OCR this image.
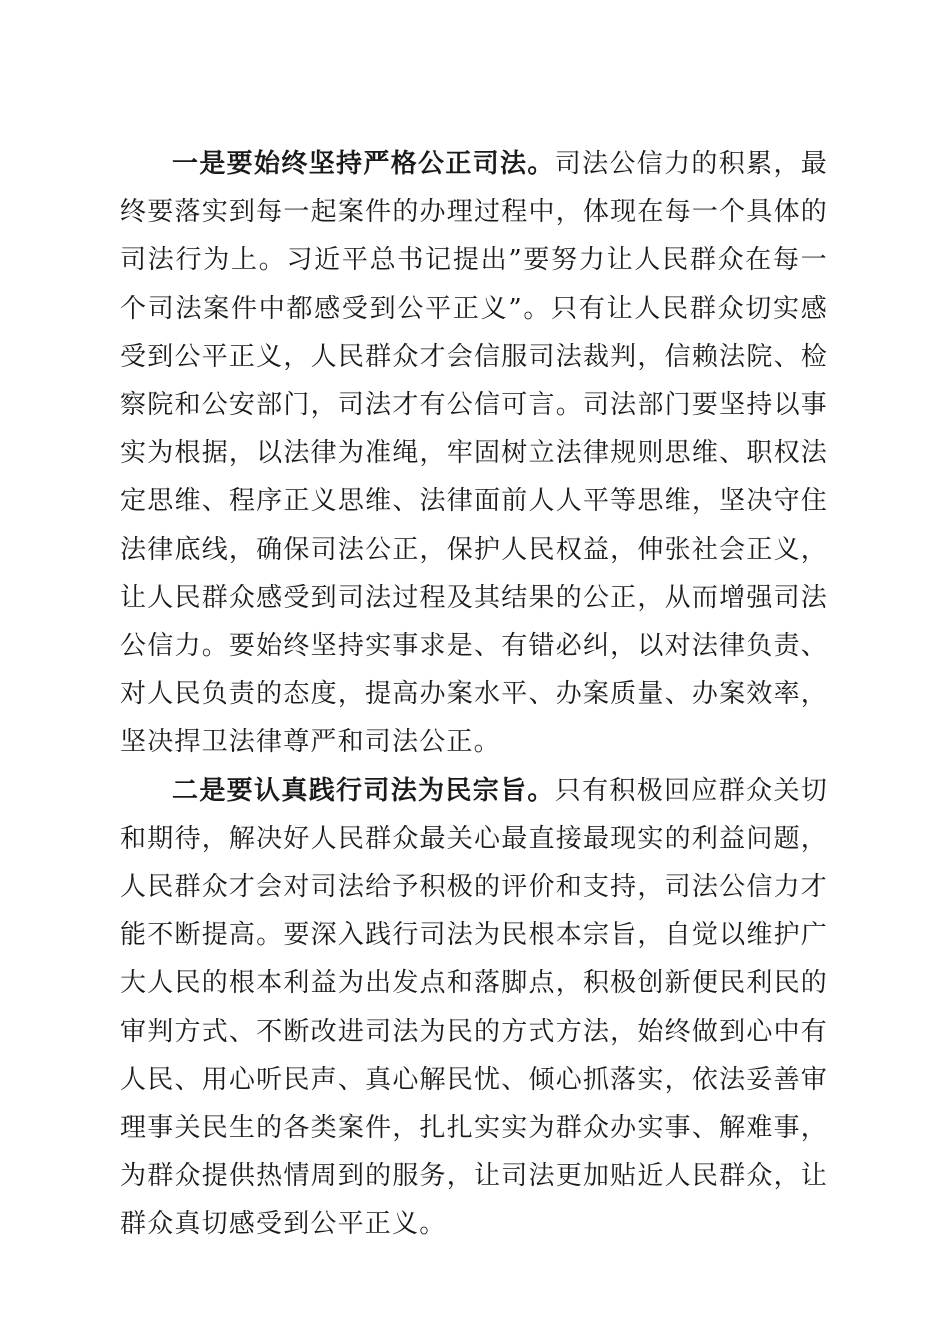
一是要始终坚持严格公正司法。司法公信力的积累，最终要落实到每一起案件的办理过程中，体现在每一个具体的司法行为上。习近平总书记提出”要努力让人民群众在每一个司法案件中都感受到公平正义”。只有让人民群众切实感受到公平正义，人民群众才会信服司法裁判，信赖法院、检察院和公安部门，司法才有公信可言。司法部门要坚持以事实为根据，以法律为准绳，牢固树立法律规则思维、职权法定思维、程序正义思维、法律面前人人平等思维，坚决守住法律底线，确保司法公正，保护人民权益，伸张社会正义，让人民群众感受到司法过程及其结果的公正，从而增强司法公信力。要始终坚持实事求是、有错必纠，以对法律负责、对人民负责的态度，提高办案水平、办案质量、办案效率，坚决捍卫法律尊严和司法公正。

二是要认真践行司法为民宗旨。只有积极回应群众关切和期待，解决好人民群众最关心最直接最现实的利益问题，人民群众才会对司法给予积极的评价和支持，司法公信力才能不断提高。要深入践行司法为民根本宗旨，自觉以维护广大人民的根本利益为出发点和落脚点，积极创新便民利民的审判方式、不断改进司法为民的方式方法，始终做到心中有人民、用心听民声、真心解民忧、倾心抓落实，依法妥善审理事关民生的各类案件，扎扎实实为群众办实事、解难事，为群众提供热情周到的服务，让司法更加贴近人民群众，让群众真切感受到公平正义。
